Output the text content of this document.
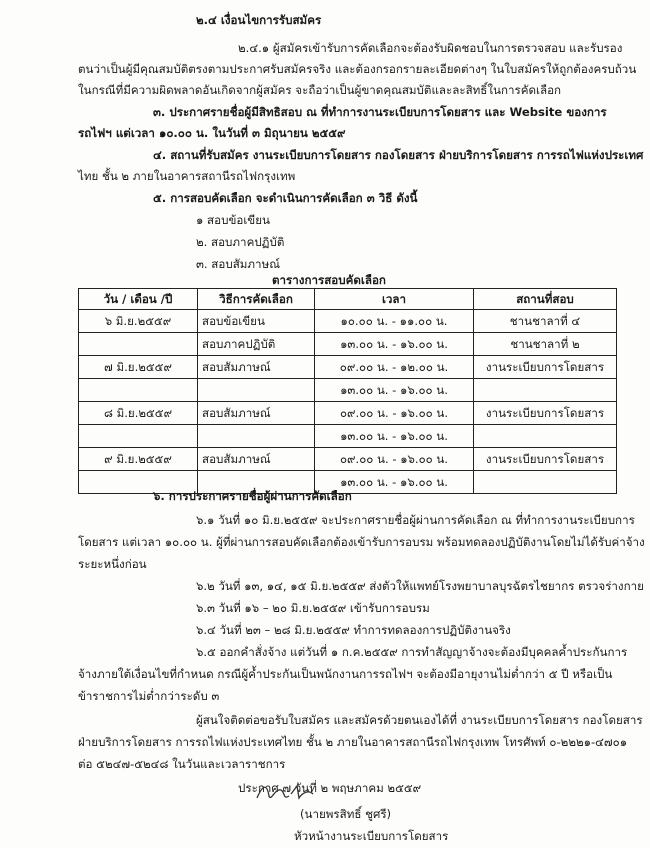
๒.๔ เงื่อนไขการรับสมัคร
๒.๔.๑ ผู้สมัครเข้ารับการคัดเลือกจะต้องรับผิดชอบในการตรวจสอบ และรับรอง
ตนว่าเป็นผู้มีคุณสมบัติตรงตามประกาศรับสมัครจริง และต้องกรอกรายละเอียดต่างๆ ในใบสมัครให้ถูกต้องครบถ้วน
ในกรณีที่มีความผิดพลาดอันเกิดจากผู้สมัคร จะถือว่าเป็นผู้ขาดคุณสมบัติและละสิทธิ์ในการคัดเลือก
๓. ประกาศรายชื่อผู้มีสิทธิสอบ ณ ที่ทำการงานระเบียบการโดยสาร และ Website ของการ
รถไฟฯ แต่เวลา ๑๐.๐๐ น. ในวันที่ ๓ มิถุนายน ๒๕๕๙
๔. สถานที่รับสมัคร งานระเบียบการโดยสาร กองโดยสาร ฝ่ายบริการโดยสาร การรถไฟแห่งประเทศ
ไทย ชั้น ๒ ภายในอาคารสถานีรถไฟกรุงเทพ
๕. การสอบคัดเลือก จะดำเนินการคัดเลือก ๓ วิธี ดังนี้
๑ สอบข้อเขียน
๒. สอบภาคปฏิบัติ
๓. สอบสัมภาษณ์
ตารางการสอบคัดเลือก
วัน / เดือน /ปี	วิธีการคัดเลือก	เวลา	สถานที่สอบ
๖ มิ.ย.๒๕๕๙	สอบข้อเขียน	๑๐.๐๐ น. - ๑๑.๐๐ น.	ชานชาลาที่ ๔
	สอบภาคปฏิบัติ	๑๓.๐๐ น. - ๑๖.๐๐ น.	ชานชาลาที่ ๒
๗ มิ.ย.๒๕๕๙	สอบสัมภาษณ์	๐๙.๐๐ น. - ๑๒.๐๐ น.	งานระเบียบการโดยสาร
		๑๓.๐๐ น. - ๑๖.๐๐ น.	
๘ มิ.ย.๒๕๕๙	สอบสัมภาษณ์	๐๙.๐๐ น. - ๑๖.๐๐ น.	งานระเบียบการโดยสาร
		๑๓.๐๐ น. - ๑๖.๐๐ น.	
๙ มิ.ย.๒๕๕๙	สอบสัมภาษณ์	๐๙.๐๐ น. - ๑๖.๐๐ น.	งานระเบียบการโดยสาร
		๑๓.๐๐ น. - ๑๖.๐๐ น.	
๖. การประกาศรายชื่อผู้ผ่านการคัดเลือก
๖.๑ วันที่ ๑๐ มิ.ย.๒๕๕๙ จะประกาศรายชื่อผู้ผ่านการคัดเลือก ณ ที่ทำการงานระเบียบการ
โดยสาร แต่เวลา ๑๐.๐๐ น. ผู้ที่ผ่านการสอบคัดเลือกต้องเข้ารับการอบรม พร้อมทดลองปฏิบัติงานโดยไม่ได้รับค่าจ้าง
ระยะหนึ่งก่อน
๖.๒ วันที่ ๑๓, ๑๔, ๑๕ มิ.ย.๒๕๕๙ ส่งตัวให้แพทย์โรงพยาบาลบุรฉัตรไชยากร ตรวจร่างกาย
๖.๓ วันที่ ๑๖ – ๒๐ มิ.ย.๒๕๕๙ เข้ารับการอบรม
๖.๔ วันที่ ๒๓ – ๒๘ มิ.ย.๒๕๕๙ ทำการทดลองการปฏิบัติงานจริง
๖.๕ ออกคำสั่งจ้าง แต่วันที่ ๑ ก.ค.๒๕๕๙ การทำสัญญาจ้างจะต้องมีบุคคลค้ำประกันการ
จ้างภายใต้เงื่อนไขที่กำหนด กรณีผู้ค้ำประกันเป็นพนักงานการรถไฟฯ จะต้องมีอายุงานไม่ต่ำกว่า ๕ ปี หรือเป็น
ข้าราชการไม่ต่ำกว่าระดับ ๓
ผู้สนใจติดต่อขอรับใบสมัคร และสมัครด้วยตนเองได้ที่ งานระเบียบการโดยสาร กองโดยสาร
ฝ่ายบริการโดยสาร การรถไฟแห่งประเทศไทย ชั้น ๒ ภายในอาคารสถานีรถไฟกรุงเทพ โทรศัพท์ ๐-๒๒๒๑-๔๗๐๑
ต่อ ๕๒๔๗-๕๒๔๘ ในวันและเวลาราชการ
ประกาศ ๗ วันที่ ๒ พฤษภาคม ๒๕๕๙
(นายพรสิทธิ์ ชูศรี)
หัวหน้างานระเบียบการโดยสาร
